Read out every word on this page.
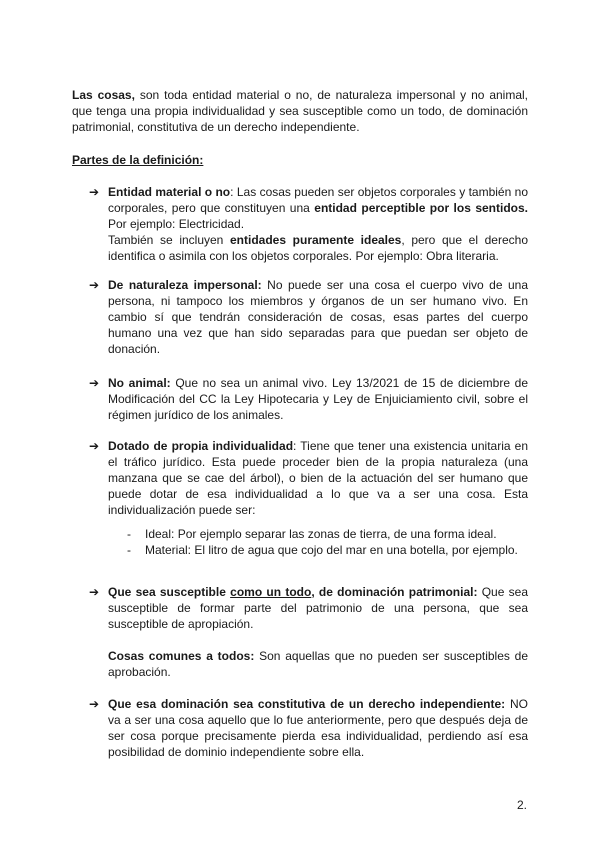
Las cosas, son toda entidad material o no, de naturaleza impersonal y no animal, que tenga una propia individualidad y sea susceptible como un todo, de dominación patrimonial, constitutiva de un derecho independiente.

Partes de la definición:
➔ Entidad material o no: Las cosas pueden ser objetos corporales y también no corporales, pero que constituyen una entidad perceptible por los sentidos. Por ejemplo: Electricidad.

También se incluyen entidades puramente ideales, pero que el derecho identifica o asimila con los objetos corporales. Por ejemplo: Obra literaria.

➔ De naturaleza impersonal: No puede ser una cosa el cuerpo vivo de una persona, ni tampoco los miembros y órganos de un ser humano vivo. En cambio sí que tendrán consideración de cosas, esas partes del cuerpo humano una vez que han sido separadas para que puedan ser objeto de donación.

➔ No animal: Que no sea un animal vivo. Ley 13/2021 de 15 de diciembre de Modificación del CC la Ley Hipotecaria y Ley de Enjuiciamiento civil, sobre el régimen jurídico de los animales.

➔ Dotado de propia individualidad: Tiene que tener una existencia unitaria en el tráfico jurídico. Esta puede proceder bien de la propia naturaleza (una manzana que se cae del árbol), o bien de la actuación del ser humano que puede dotar de esa individualidad a lo que va a ser una cosa. Esta individualización puede ser:

- Ideal: Por ejemplo separar las zonas de tierra, de una forma ideal.
- Material: El litro de agua que cojo del mar en una botella, por ejemplo.
➔ Que sea susceptible como un todo, de dominación patrimonial: Que sea susceptible de formar parte del patrimonio de una persona, que sea susceptible de apropiación.

Cosas comunes a todos: Son aquellas que no pueden ser susceptibles de aprobación.

➔ Que esa dominación sea constitutiva de un derecho independiente: NO va a ser una cosa aquello que lo fue anteriormente, pero que después deja de ser cosa porque precisamente pierda esa individualidad, perdiendo así esa posibilidad de dominio independiente sobre ella.

2.
